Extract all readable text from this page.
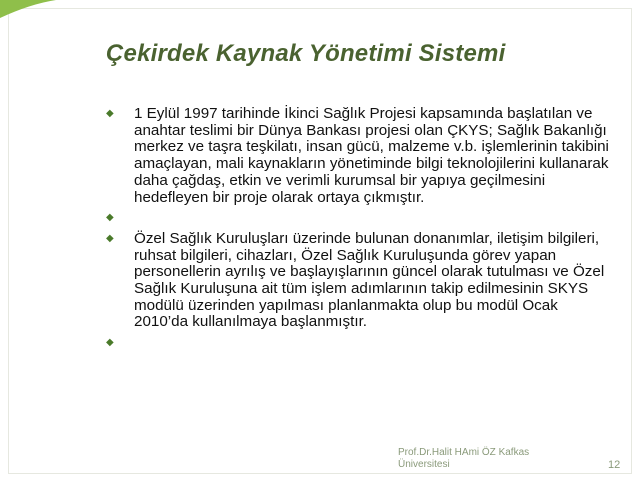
Çekirdek Kaynak Yönetimi Sistemi
◆ 1 Eylül 1997 tarihinde İkinci Sağlık Projesi kapsamında başlatılan ve anahtar teslimi bir Dünya Bankası projesi olan ÇKYS; Sağlık Bakanlığı merkez ve taşra teşkilatı, insan gücü, malzeme v.b. işlemlerinin takibini amaçlayan, mali kaynakların yönetiminde bilgi teknolojilerini kullanarak daha çağdaş, etkin ve verimli kurumsal bir yapıya geçilmesini hedefleyen bir proje olarak ortaya çıkmıştır.
◆
◆ Özel Sağlık Kuruluşları üzerinde bulunan donanımlar, iletişim bilgileri, ruhsat bilgileri, cihazları, Özel Sağlık Kuruluşunda görev yapan personellerin ayrılış ve başlayışlarının güncel olarak tutulması ve Özel Sağlık Kuruluşuna ait tüm işlem adımlarının takip edilmesinin SKYS modülü üzerinden yapılması planlanmakta olup bu modül Ocak 2010’da kullanılmaya başlanmıştır.
◆
Prof.Dr.Halit HAmi ÖZ Kafkas Üniversitesi	12
